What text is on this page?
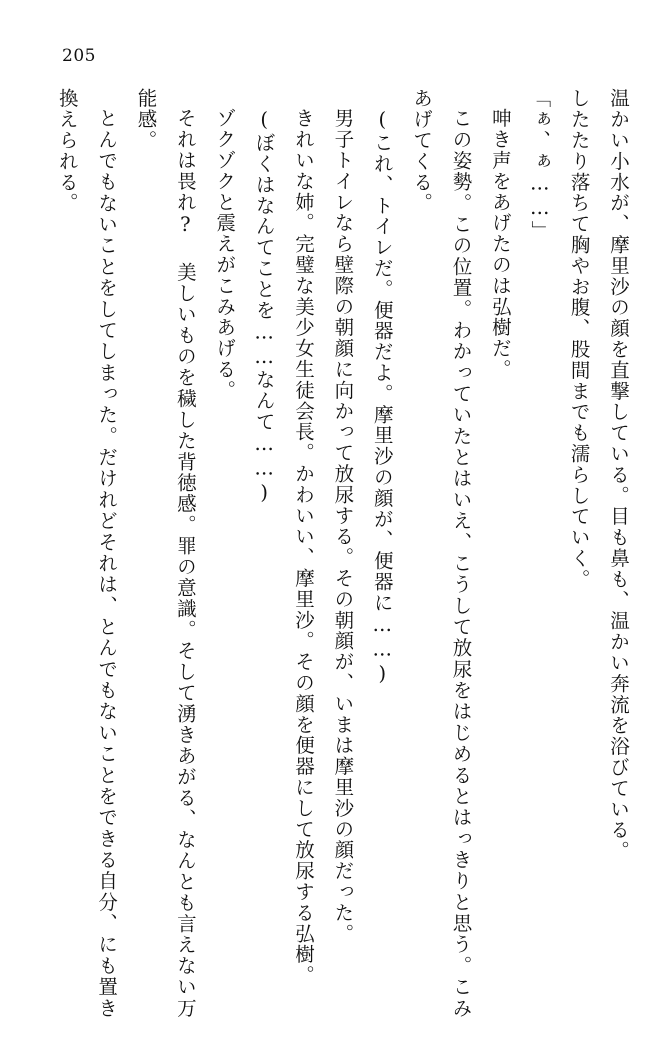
205

温かい小水が、摩里沙の顔を直撃している。目も鼻も、温かい奔流を浴びている。

したたり落ちて胸やお腹、股間までも濡らしていく。

「ぁ、ぁ……」

呻き声をあげたのは弘樹だ。

この姿勢。この位置。わかっていたとはいえ、こうして放尿をはじめるとはっきりと思う。こみあげてくる。

(これ、トイレだ。便器だよ。摩里沙の顔が、便器に……)

男子トイレなら壁際の朝顔に向かって放尿する。その朝顔が、いまは摩里沙の顔だった。

きれいな姉。完璧な美少女生徒会長。かわいい、摩里沙。その顔を便器にして放尿する弘樹。

(ぼくはなんてことを……なんて……)

ゾクゾクと震えがこみあげる。

それは畏れ? 美しいものを穢した背徳感。罪の意識。そして湧きあがる、なんとも言えない万能感。

とんでもないことをしてしまった。だけれどそれは、とんでもないことをできる自分、にも置き換えられる。
